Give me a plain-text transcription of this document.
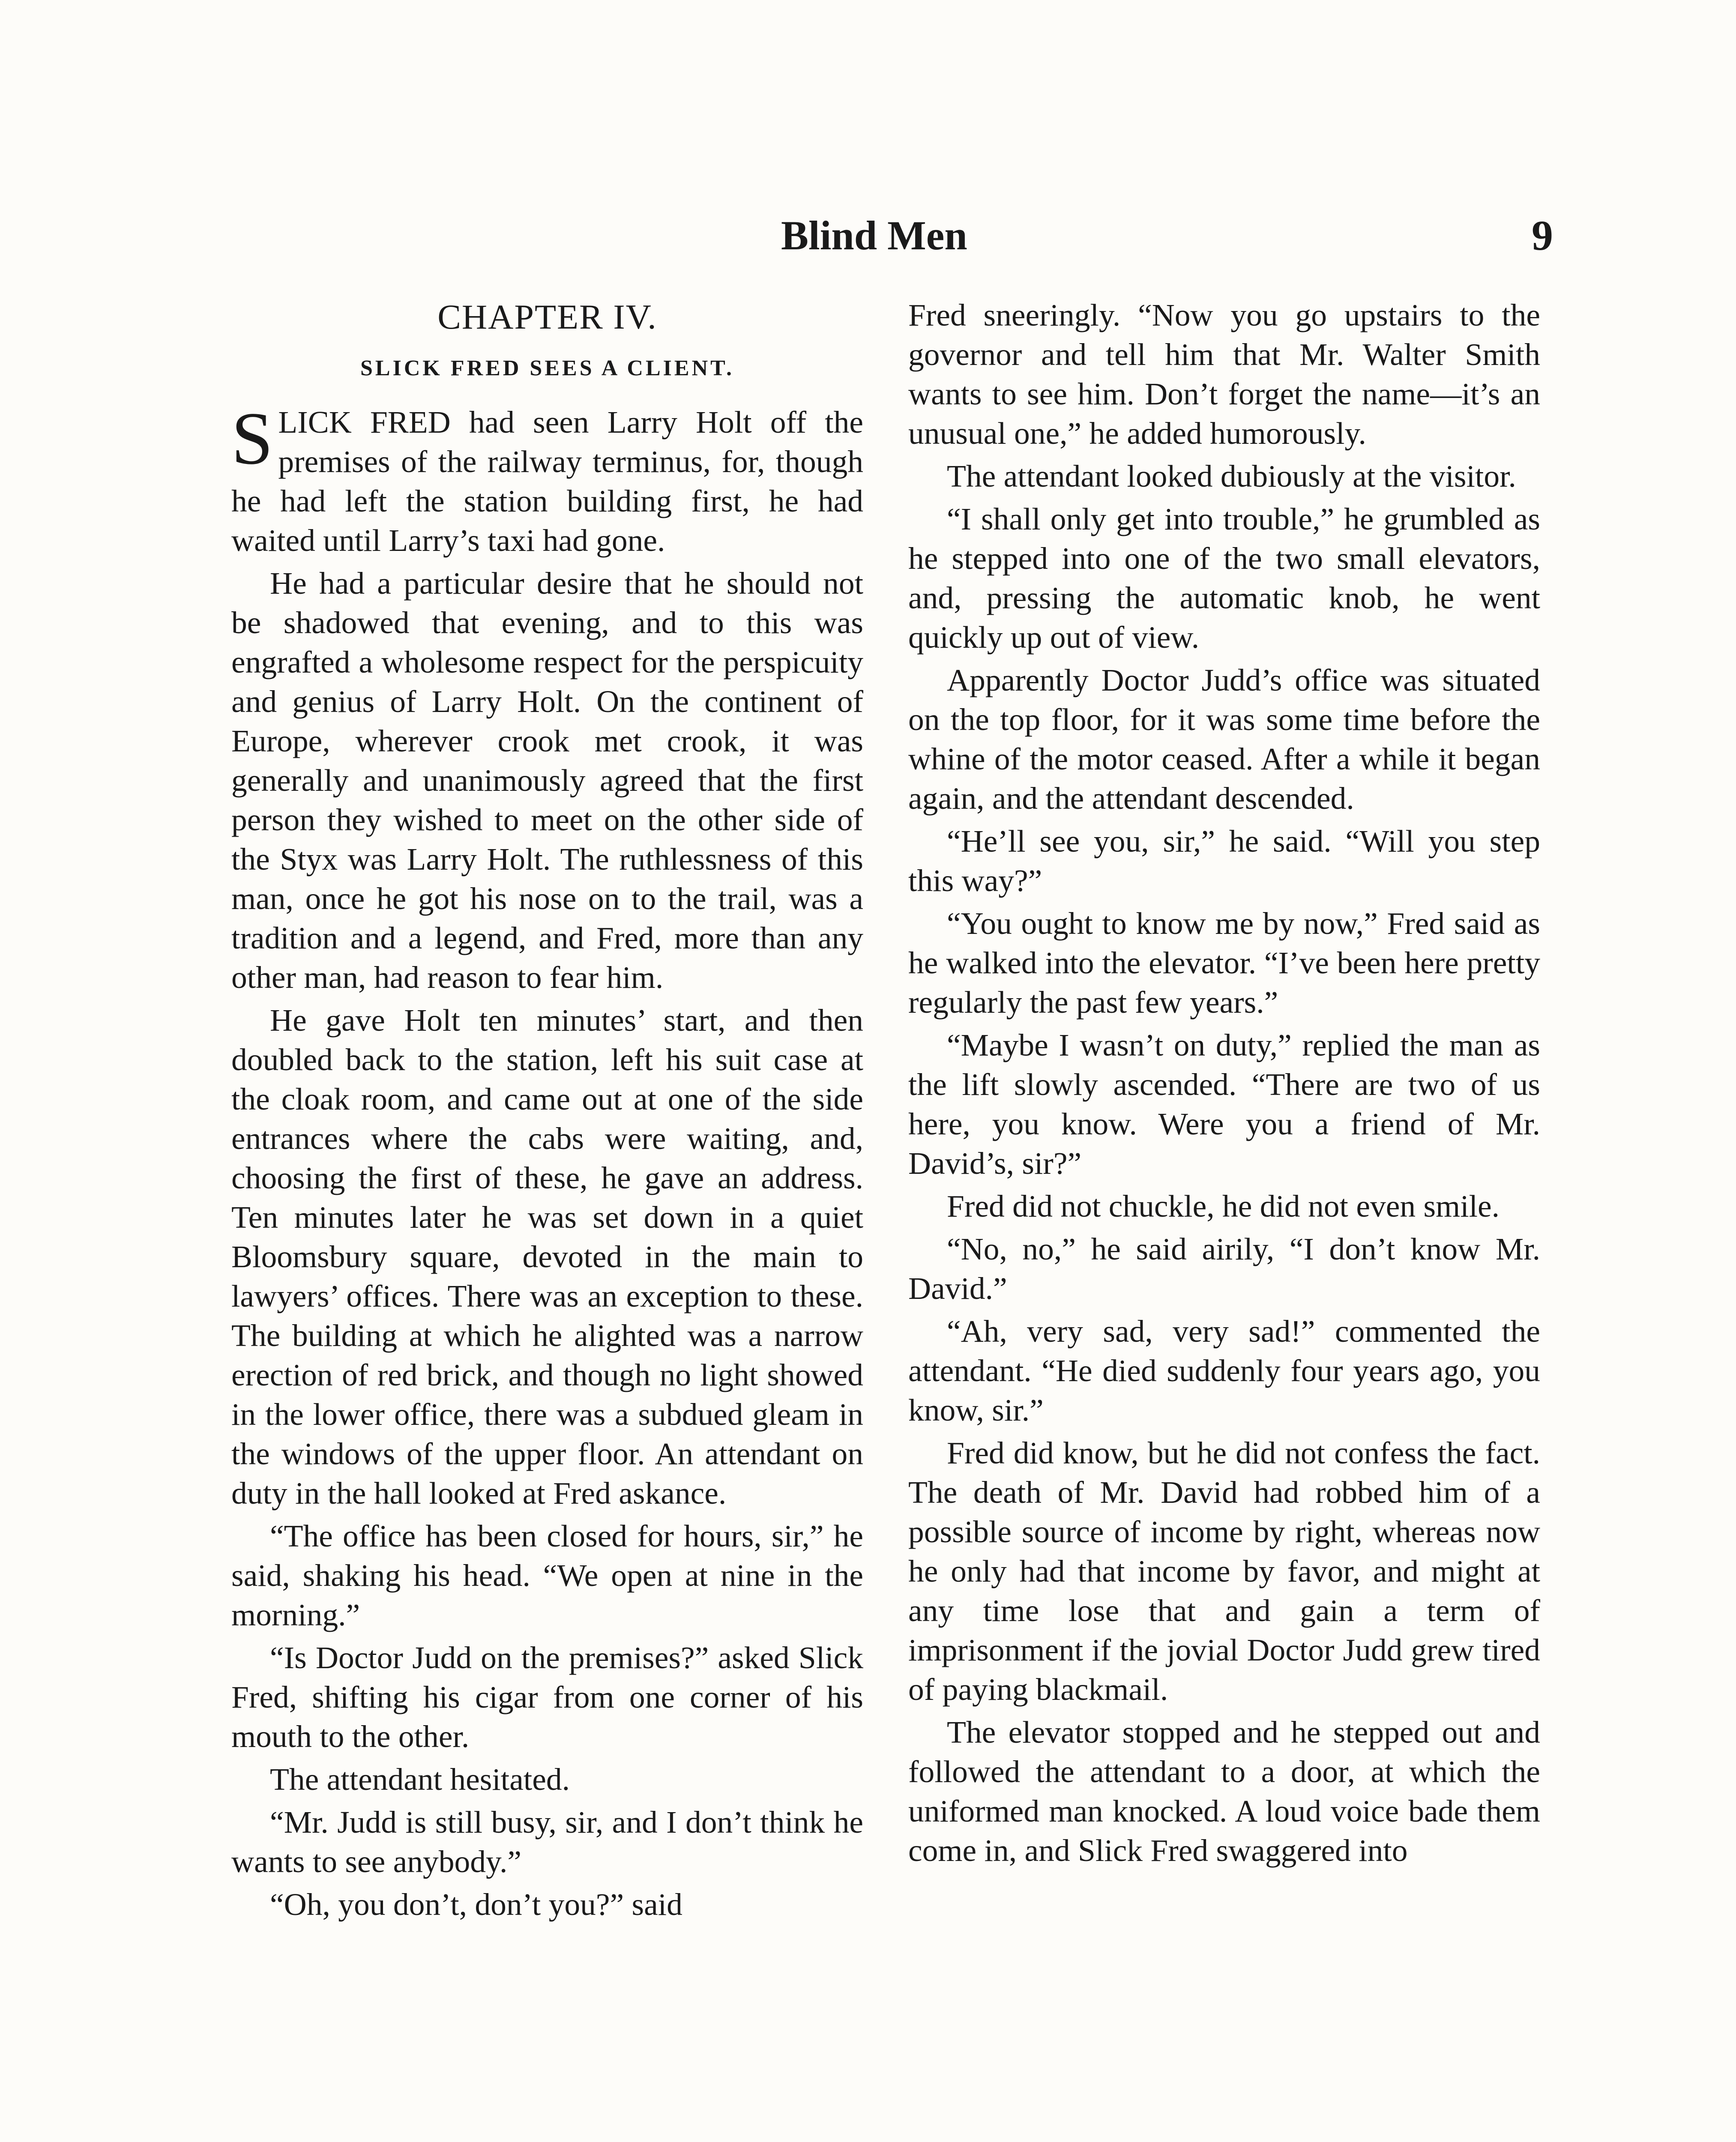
Blind Men	9
CHAPTER IV.
SLICK FRED SEES A CLIENT.

SLICK FRED had seen Larry Holt off the premises of the railway terminus, for, though he had left the station building first, he had waited until Larry’s taxi had gone.

He had a particular desire that he should not be shadowed that evening, and to this was engrafted a wholesome respect for the perspicuity and genius of Larry Holt. On the continent of Europe, wherever crook met crook, it was generally and unanimously agreed that the first person they wished to meet on the other side of the Styx was Larry Holt. The ruthlessness of this man, once he got his nose on to the trail, was a tradition and a legend, and Fred, more than any other man, had reason to fear him.

He gave Holt ten minutes’ start, and then doubled back to the station, left his suit case at the cloak room, and came out at one of the side entrances where the cabs were waiting, and, choosing the first of these, he gave an address. Ten minutes later he was set down in a quiet Bloomsbury square, devoted in the main to lawyers’ offices. There was an exception to these. The building at which he alighted was a narrow erection of red brick, and though no light showed in the lower office, there was a subdued gleam in the windows of the upper floor. An attendant on duty in the hall looked at Fred askance.

“The office has been closed for hours, sir,” he said, shaking his head. “We open at nine in the morning.”

“Is Doctor Judd on the premises?” asked Slick Fred, shifting his cigar from one corner of his mouth to the other.

The attendant hesitated.

“Mr. Judd is still busy, sir, and I don’t think he wants to see anybody.”

“Oh, you don’t, don’t you?” said

Fred sneeringly. “Now you go upstairs to the governor and tell him that Mr. Walter Smith wants to see him. Don’t forget the name—it’s an unusual one,” he added humorously.

The attendant looked dubiously at the visitor.

“I shall only get into trouble,” he grumbled as he stepped into one of the two small elevators, and, pressing the automatic knob, he went quickly up out of view.

Apparently Doctor Judd’s office was situated on the top floor, for it was some time before the whine of the motor ceased. After a while it began again, and the attendant descended.

“He’ll see you, sir,” he said. “Will you step this way?”

“You ought to know me by now,” Fred said as he walked into the elevator. “I’ve been here pretty regularly the past few years.”

“Maybe I wasn’t on duty,” replied the man as the lift slowly ascended. “There are two of us here, you know. Were you a friend of Mr. David’s, sir?”

Fred did not chuckle, he did not even smile.

“No, no,” he said airily, “I don’t know Mr. David.”

“Ah, very sad, very sad!” commented the attendant. “He died suddenly four years ago, you know, sir.”

Fred did know, but he did not confess the fact. The death of Mr. David had robbed him of a possible source of income by right, whereas now he only had that income by favor, and might at any time lose that and gain a term of imprisonment if the jovial Doctor Judd grew tired of paying blackmail.

The elevator stopped and he stepped out and followed the attendant to a door, at which the uniformed man knocked. A loud voice bade them come in, and Slick Fred swaggered into
